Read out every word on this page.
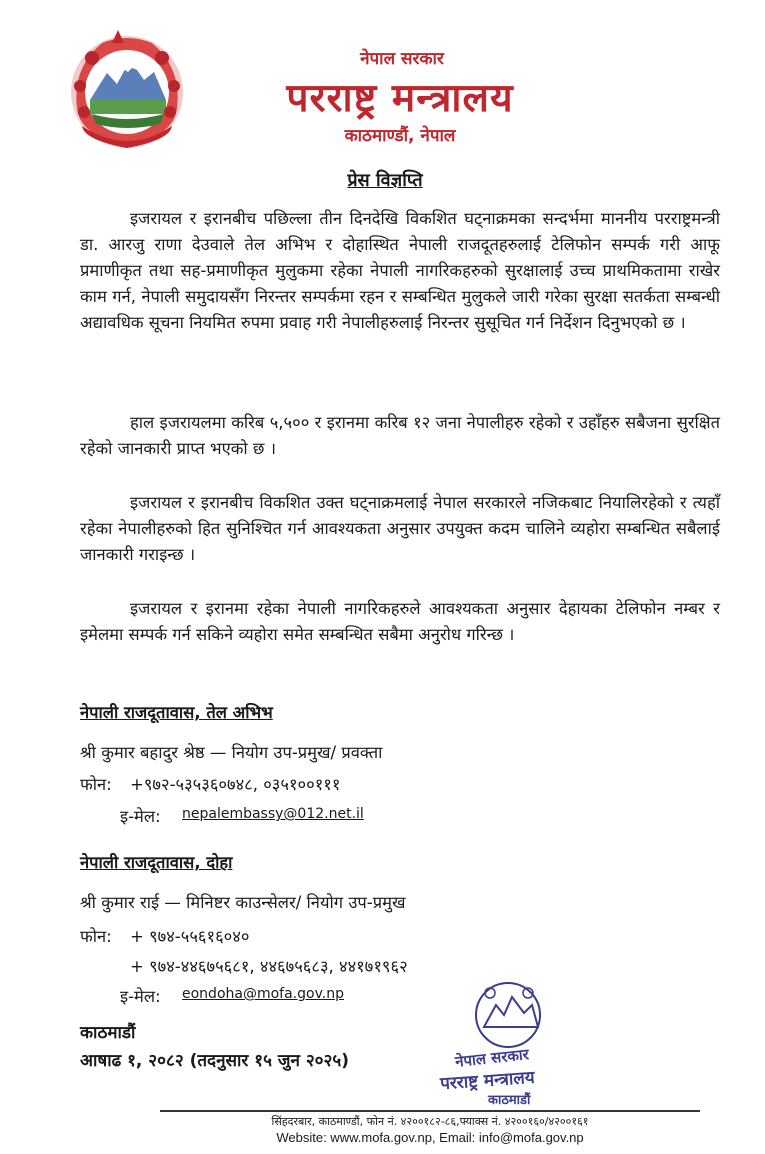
नेपाल सरकार
परराष्ट्र मन्त्रालय
काठमाण्डौं, नेपाल
प्रेस विज्ञप्ति
इजरायल र इरानबीच पछिल्ला तीन दिनदेखि विकशित घट्नाक्रमका सन्दर्भमा माननीय परराष्ट्रमन्त्री डा. आरजु राणा देउवाले तेल अभिभ र दोहास्थित नेपाली राजदूतहरुलाई टेलिफोन सम्पर्क गरी आफू प्रमाणीकृत तथा सह-प्रमाणीकृत मुलुकमा रहेका नेपाली नागरिकहरुको सुरक्षालाई उच्च प्राथमिकतामा राखेर काम गर्न, नेपाली समुदायसँग निरन्तर सम्पर्कमा रहन र सम्बन्धित मुलुकले जारी गरेका सुरक्षा सतर्कता सम्बन्धी अद्यावधिक सूचना नियमित रुपमा प्रवाह गरी नेपालीहरुलाई निरन्तर सुसूचित गर्न निर्देशन दिनुभएको छ ।
हाल इजरायलमा करिब ५,५०० र इरानमा करिब १२ जना नेपालीहरु रहेको र उहाँहरु सबैजना सुरक्षित रहेको जानकारी प्राप्त भएको छ ।
इजरायल र इरानबीच विकशित उक्त घट्नाक्रमलाई नेपाल सरकारले नजिकबाट नियालिरहेको र त्यहाँ रहेका नेपालीहरुको हित सुनिश्चित गर्न आवश्यकता अनुसार उपयुक्त कदम चालिने व्यहोरा सम्बन्धित सबैलाई जानकारी गराइन्छ ।
इजरायल र इरानमा रहेका नेपाली नागरिकहरुले आवश्यकता अनुसार देहायका टेलिफोन नम्बर र इमेलमा सम्पर्क गर्न सकिने व्यहोरा समेत सम्बन्धित सबैमा अनुरोध गरिन्छ ।
नेपाली राजदूतावास, तेल अभिभ
श्री कुमार बहादुर श्रेष्ठ — नियोग उप-प्रमुख/ प्रवक्ता
फोन: +९७२-५३५३६०७४८, ०३५१००१११
इ-मेल: nepalembassy@012.net.il
नेपाली राजदूतावास, दोहा
श्री कुमार राई — मिनिष्टर काउन्सेलर/ नियोग उप-प्रमुख
फोन: + ९७४-५५६१६०४०
+ ९७४-४४६७५६८१, ४४६७५६८३, ४४१७१९६२
इ-मेल: eondoha@mofa.gov.np
काठमाडौं
आषाढ १, २०८२ (तदनुसार १५ जुन २०२५)	नेपाल सरकार
परराष्ट्र मन्त्रालय
काठमाडौं
सिंहदरबार, काठमाण्डौं, फोन नं. ४२००१८२-८६,फ्याक्स नं. ४२००१६०/४२००१६१
Website: www.mofa.gov.np, Email: info@mofa.gov.np
